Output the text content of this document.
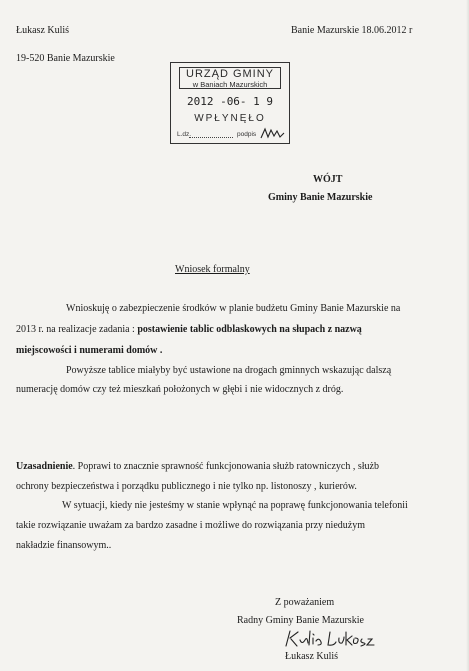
Łukasz Kuliś
19-520 Banie Mazurskie
Banie Mazurskie 18.06.2012 r
URZĄD GMINY
w Baniach Mazurskich
2012 -06- 1 9
WPŁYNĘŁO
L.dz.	podpis
WÓJT
Gminy Banie Mazurskie
Wniosek formalny
Wnioskuję o zabezpieczenie środków w planie budżetu Gminy Banie Mazurskie na
2013 r. na realizacje zadania : postawienie tablic odblaskowych na słupach z nazwą
miejscowości i numerami domów .
Powyższe tablice miałyby być ustawione na drogach gminnych wskazując dalszą
numerację domów czy też mieszkań położonych w głębi i nie widocznych z dróg.
Uzasadnienie. Poprawi to znacznie sprawność funkcjonowania służb ratowniczych , służb
ochrony bezpieczeństwa i porządku publicznego i nie tylko np. listonoszy , kurierów.
W sytuacji, kiedy nie jesteśmy w stanie wpłynąć na poprawę funkcjonowania telefonii
takie rozwiązanie uważam za bardzo zasadne i możliwe do rozwiązania przy niedużym
nakładzie finansowym..
Z poważaniem
Radny Gminy Banie Mazurskie
Łukasz Kuliś
